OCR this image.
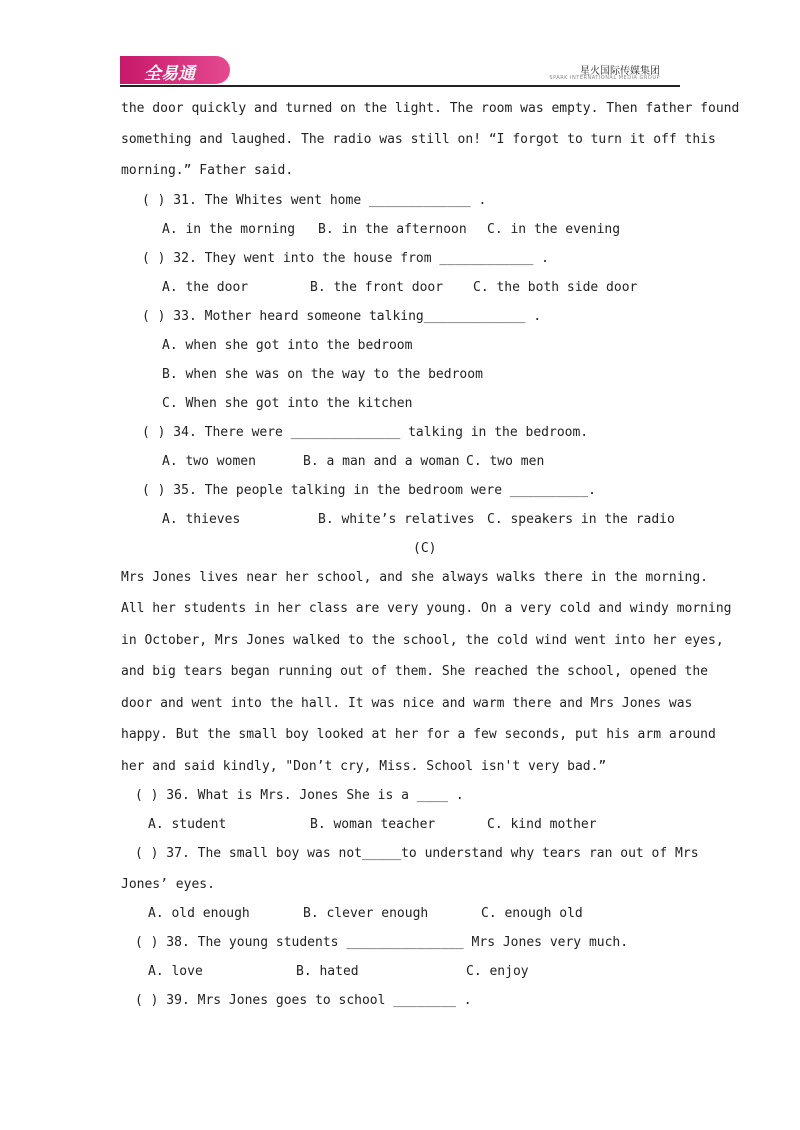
全易通	星火国际传媒集团
SPARK INTERNATIONAL MEDIA GROUP
the door quickly and turned on the light. The room was empty. Then father found
something and laughed. The radio was still on! “I forgot to turn it off this
morning.” Father said.
( ) 31. The Whites went home _____________ .
A. in the morning B. in the afternoon C. in the evening
( ) 32. They went into the house from ____________ .
A. the door	B. the front door C. the both side door
( ) 33. Mother heard someone talking_____________ .
A. when she got into the bedroom
B. when she was on the way to the bedroom
C. When she got into the kitchen
( ) 34. There were ______________ talking in the bedroom.
A. two women	B. a man and a woman C. two men
( ) 35. The people talking in the bedroom were __________.
A. thieves	B. white’s relatives C. speakers in the radio
(C)
Mrs Jones lives near her school, and she always walks there in the morning.
All her students in her class are very young. On a very cold and windy morning
in October, Mrs Jones walked to the school, the cold wind went into her eyes,
and big tears began running out of them. She reached the school, opened the
door and went into the hall. It was nice and warm there and Mrs Jones was
happy. But the small boy looked at her for a few seconds, put his arm around
her and said kindly, "Don’t cry, Miss. School isn't very bad.”
( ) 36. What is Mrs. Jones She is a ____ .
A. student	B. woman teacher	C. kind mother
( ) 37. The small boy was not_____to understand why tears ran out of Mrs
Jones’ eyes.
A. old enough	B. clever enough	C. enough old
( ) 38. The young students _______________ Mrs Jones very much.
A. love	B. hated	C. enjoy
( ) 39. Mrs Jones goes to school ________ .
